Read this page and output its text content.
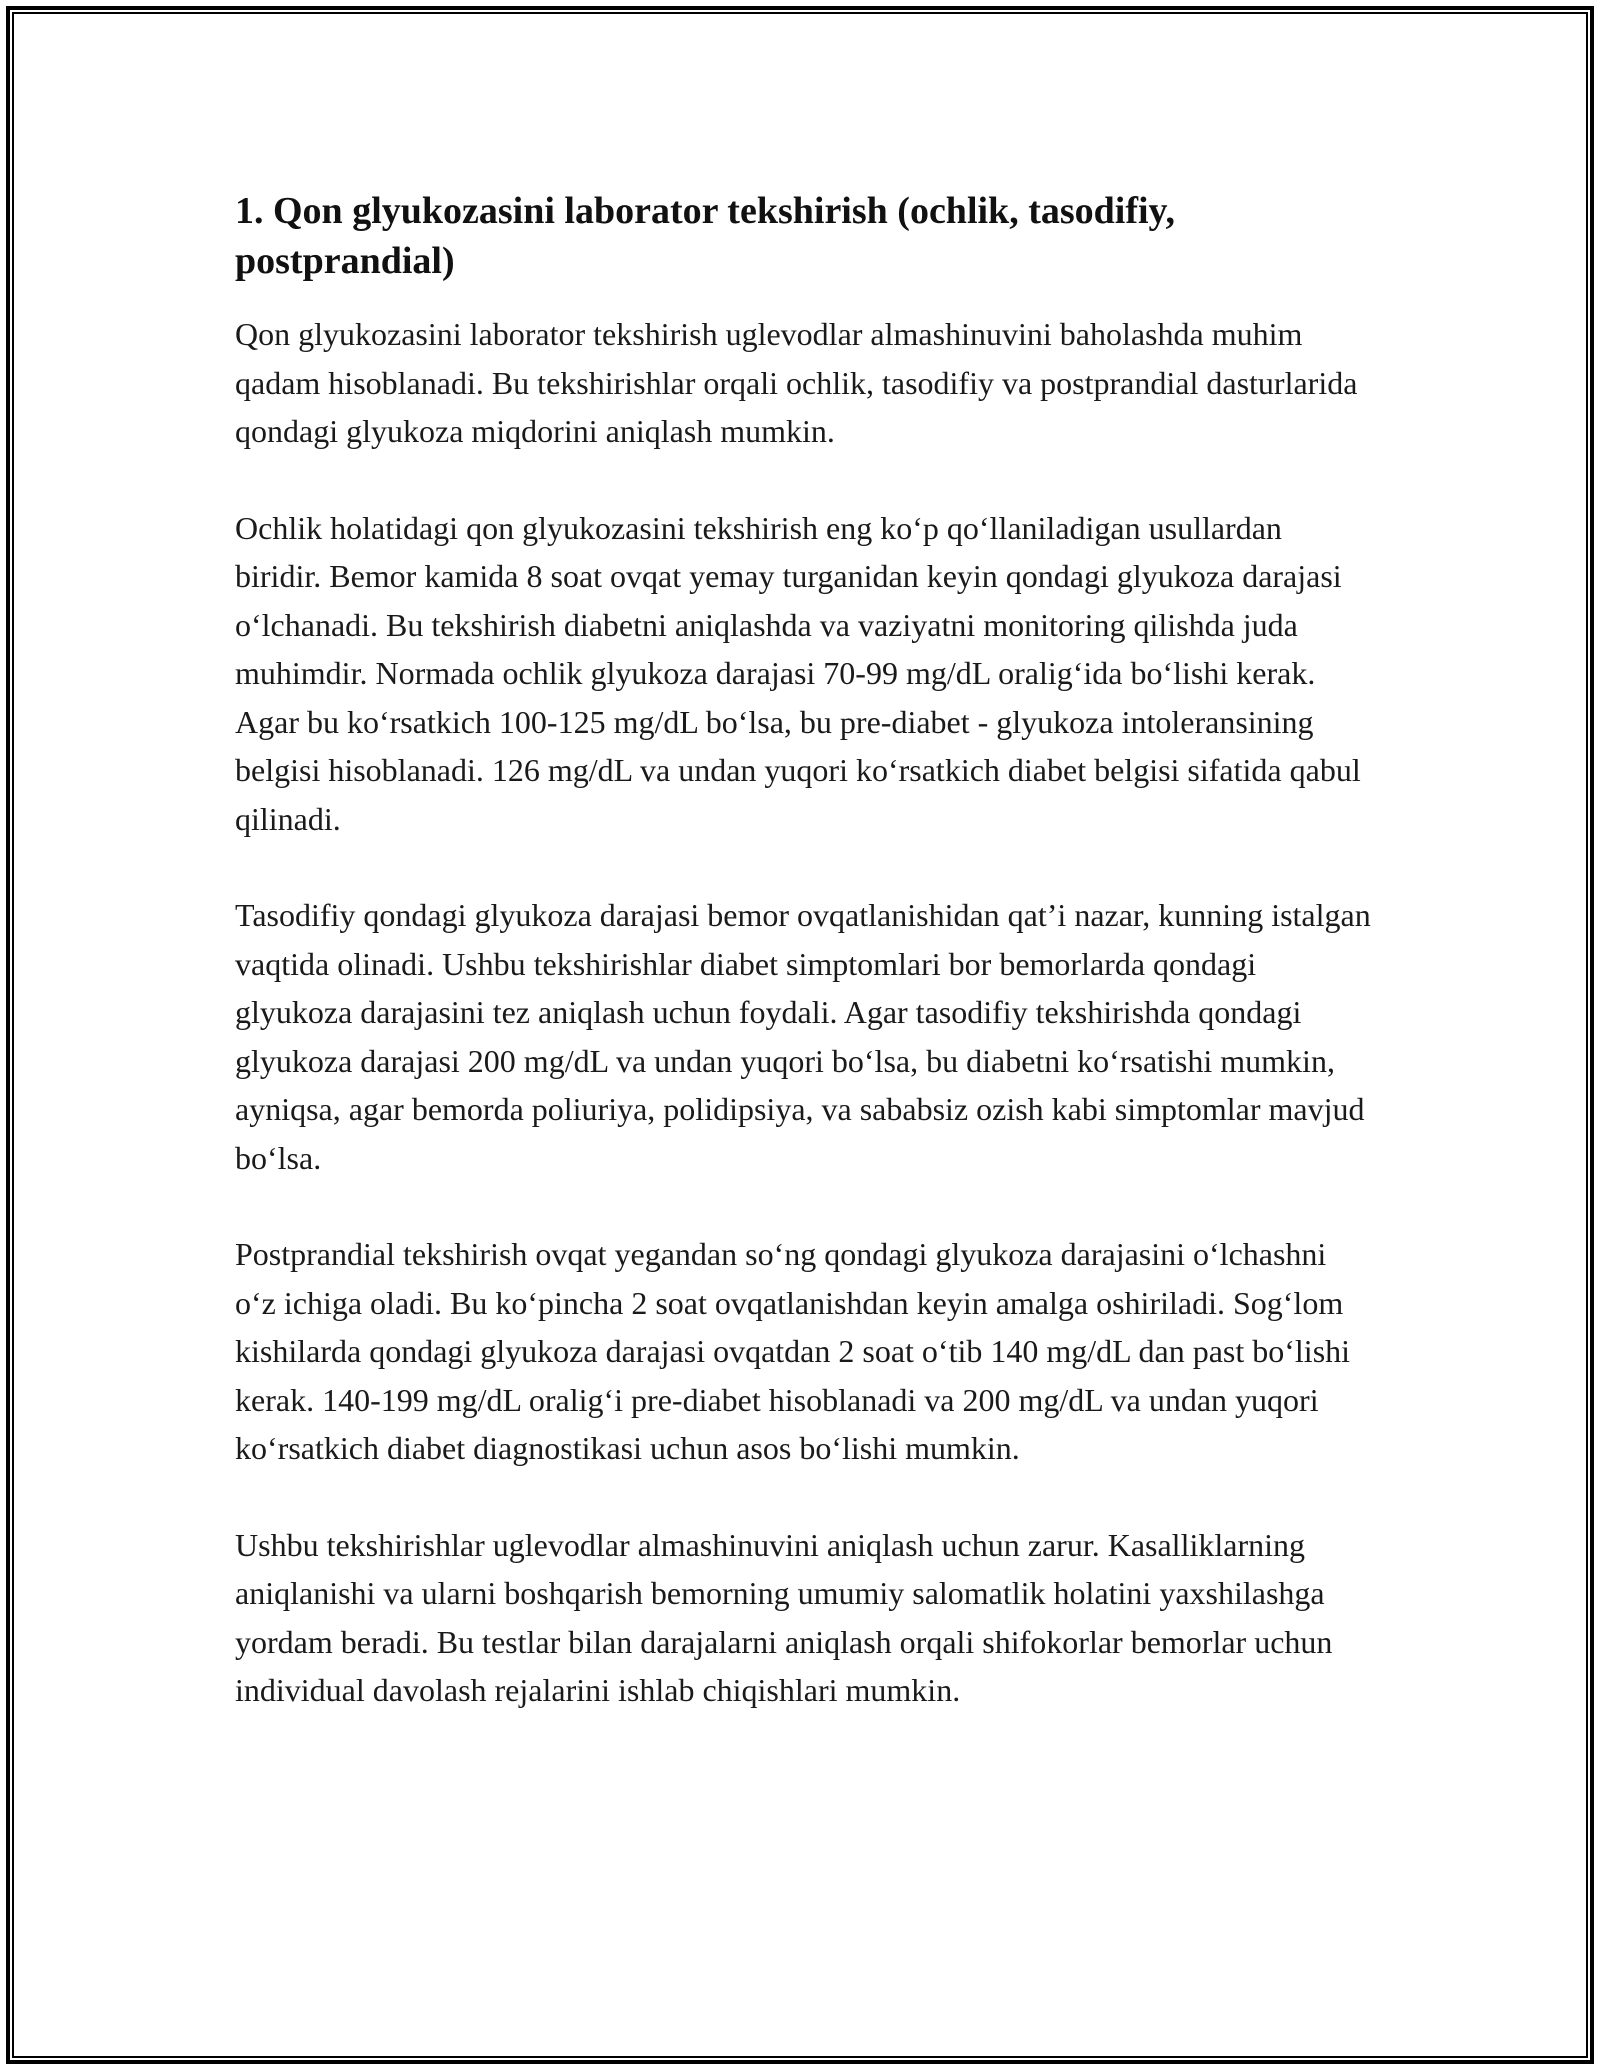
1. Qon glyukozasini laborator tekshirish (ochlik, tasodifiy, postprandial)

Qon glyukozasini laborator tekshirish uglevodlar almashinuvini baholashda muhim qadam hisoblanadi. Bu tekshirishlar orqali ochlik, tasodifiy va postprandial dasturlarida qondagi glyukoza miqdorini aniqlash mumkin.

Ochlik holatidagi qon glyukozasini tekshirish eng koʻp qoʻllaniladigan usullardan biridir. Bemor kamida 8 soat ovqat yemay turganidan keyin qondagi glyukoza darajasi oʻlchanadi. Bu tekshirish diabetni aniqlashda va vaziyatni monitoring qilishda juda muhimdir. Normada ochlik glyukoza darajasi 70-99 mg/dL oraligʻida boʻlishi kerak. Agar bu koʻrsatkich 100-125 mg/dL boʻlsa, bu pre-diabet - glyukoza intoleransining belgisi hisoblanadi. 126 mg/dL va undan yuqori koʻrsatkich diabet belgisi sifatida qabul qilinadi.

Tasodifiy qondagi glyukoza darajasi bemor ovqatlanishidan qatʼi nazar, kunning istalgan vaqtida olinadi. Ushbu tekshirishlar diabet simptomlari bor bemorlarda qondagi glyukoza darajasini tez aniqlash uchun foydali. Agar tasodifiy tekshirishda qondagi glyukoza darajasi 200 mg/dL va undan yuqori boʻlsa, bu diabetni koʻrsatishi mumkin, ayniqsa, agar bemorda poliuriya, polidipsiya, va sababsiz ozish kabi simptomlar mavjud boʻlsa.

Postprandial tekshirish ovqat yegandan soʻng qondagi glyukoza darajasini oʻlchashni oʻz ichiga oladi. Bu koʻpincha 2 soat ovqatlanishdan keyin amalga oshiriladi. Sogʻlom kishilarda qondagi glyukoza darajasi ovqatdan 2 soat oʻtib 140 mg/dL dan past boʻlishi kerak. 140-199 mg/dL oraligʻi pre-diabet hisoblanadi va 200 mg/dL va undan yuqori koʻrsatkich diabet diagnostikasi uchun asos boʻlishi mumkin.

Ushbu tekshirishlar uglevodlar almashinuvini aniqlash uchun zarur. Kasalliklarning aniqlanishi va ularni boshqarish bemorning umumiy salomatlik holatini yaxshilashga yordam beradi. Bu testlar bilan darajalarni aniqlash orqali shifokorlar bemorlar uchun individual davolash rejalarini ishlab chiqishlari mumkin.
